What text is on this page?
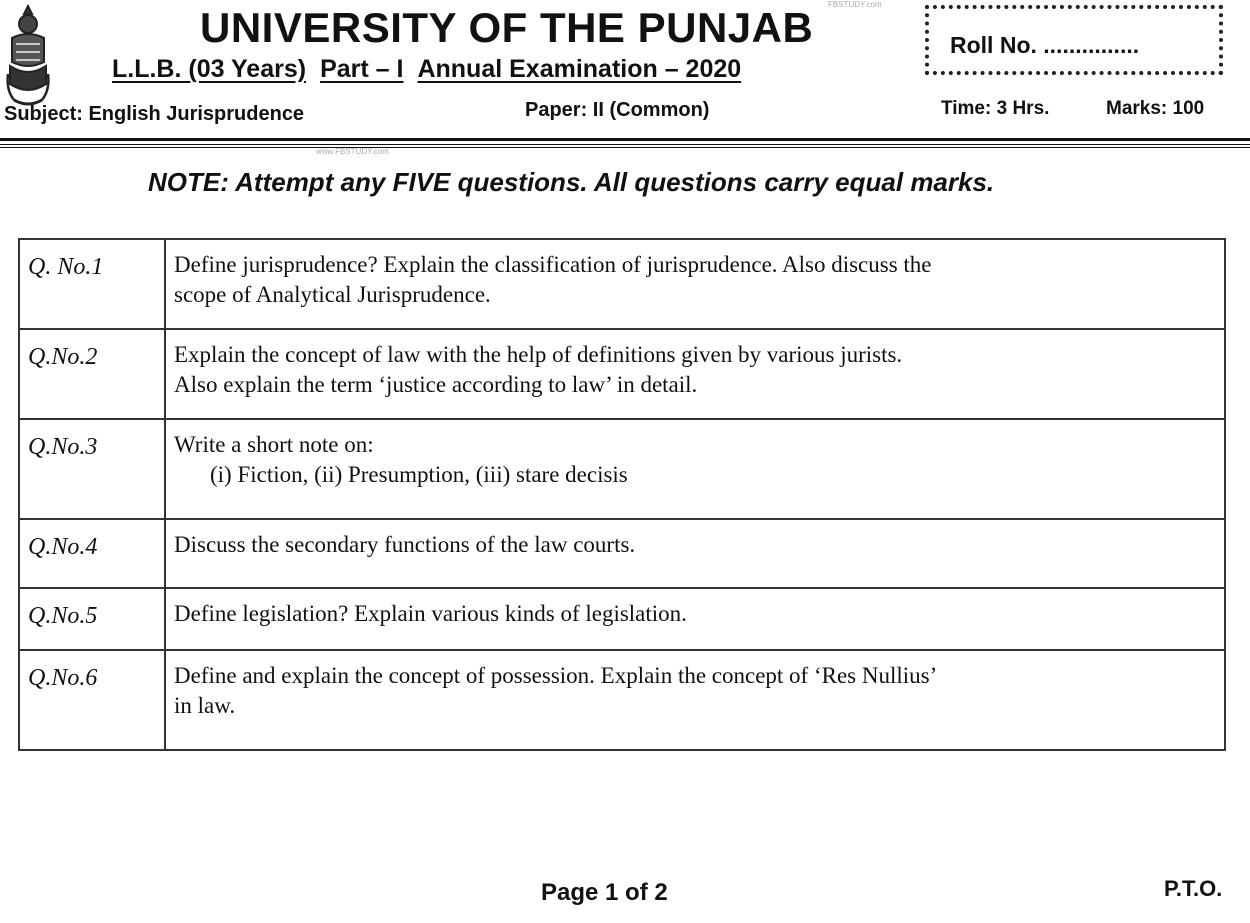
UNIVERSITY OF THE PUNJAB FBSTUDY.com
L.L.B. (03 Years) Part – I Annual Examination – 2020
Roll No. ...............
Subject: English Jurisprudence	Paper: II (Common)	Time: 3 Hrs.	Marks: 100
www.FBSTUDY.com
NOTE: Attempt any FIVE questions. All questions carry equal marks.
Q. No.1	Define jurisprudence? Explain the classification of jurisprudence. Also discuss the
scope of Analytical Jurisprudence.
Q.No.2	Explain the concept of law with the help of definitions given by various jurists.
Also explain the term ‘justice according to law’ in detail.
Q.No.3	Write a short note on:
(i) Fiction, (ii) Presumption, (iii) stare decisis
Q.No.4	Discuss the secondary functions of the law courts.
Q.No.5	Define legislation? Explain various kinds of legislation.
Q.No.6	Define and explain the concept of possession. Explain the concept of ‘Res Nullius’
in law.
Page 1 of 2	P.T.O.
